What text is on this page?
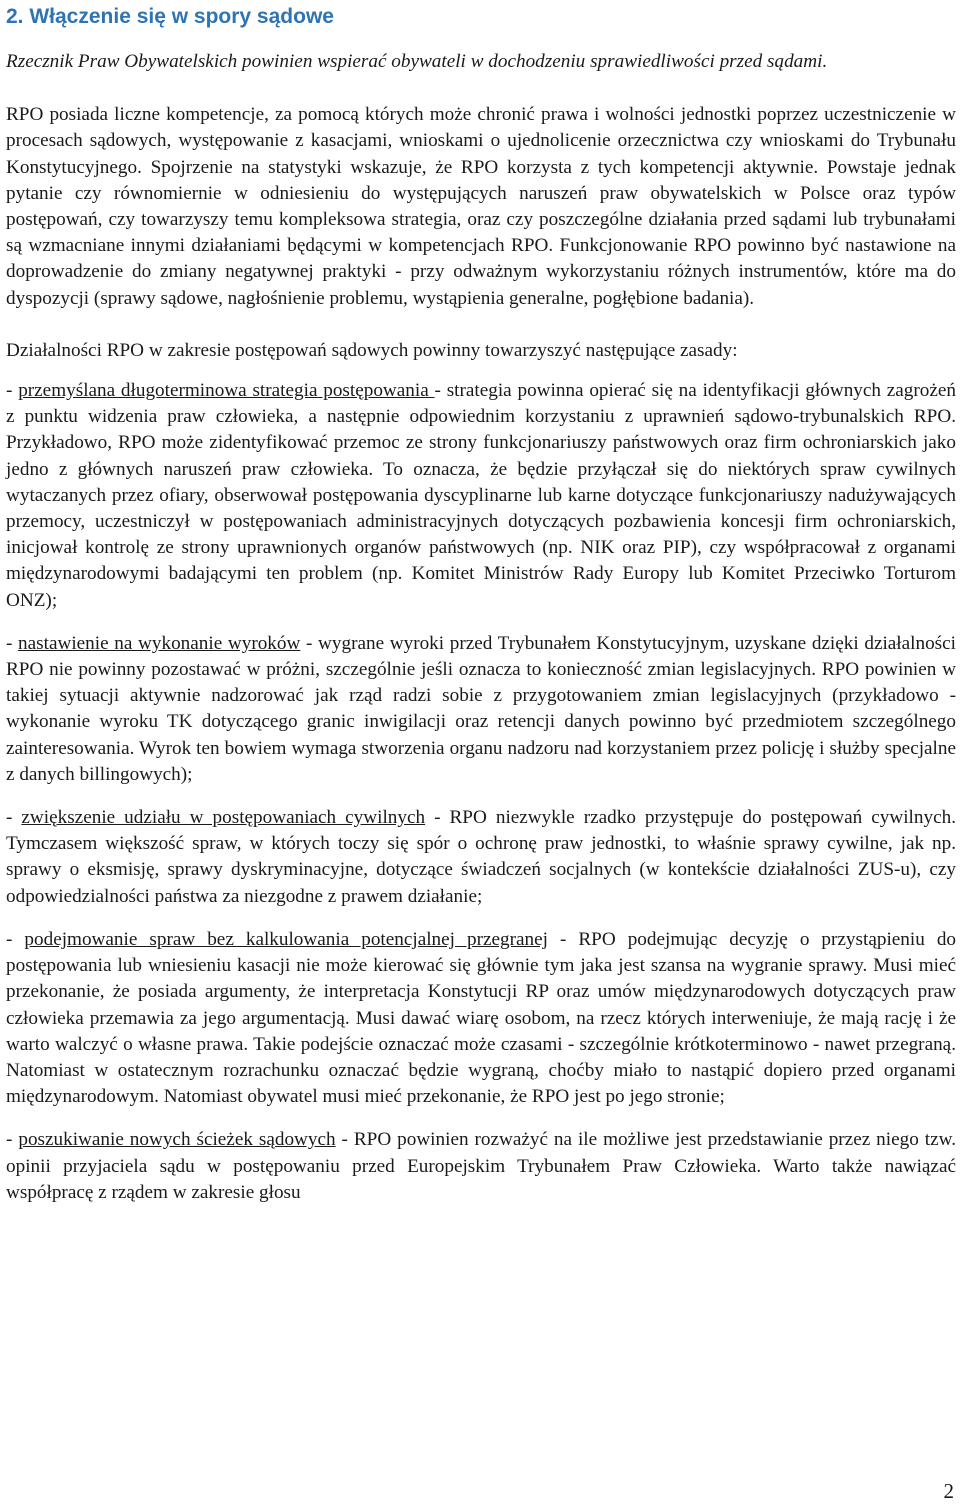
2. Włączenie się w spory sądowe

Rzecznik Praw Obywatelskich powinien wspierać obywateli w dochodzeniu sprawiedliwości przed sądami.

RPO posiada liczne kompetencje, za pomocą których może chronić prawa i wolności jednostki poprzez uczestniczenie w procesach sądowych, występowanie z kasacjami, wnioskami o ujednolicenie orzecznictwa czy wnioskami do Trybunału Konstytucyjnego. Spojrzenie na statystyki wskazuje, że RPO korzysta z tych kompetencji aktywnie. Powstaje jednak pytanie czy równomiernie w odniesieniu do występujących naruszeń praw obywatelskich w Polsce oraz typów postępowań, czy towarzyszy temu kompleksowa strategia, oraz czy poszczególne działania przed sądami lub trybunałami są wzmacniane innymi działaniami będącymi w kompetencjach RPO. Funkcjonowanie RPO powinno być nastawione na doprowadzenie do zmiany negatywnej praktyki - przy odważnym wykorzystaniu różnych instrumentów, które ma do dyspozycji (sprawy sądowe, nagłośnienie problemu, wystąpienia generalne, pogłębione badania).

Działalności RPO w zakresie postępowań sądowych powinny towarzyszyć następujące zasady:

- przemyślana długoterminowa strategia postępowania - strategia powinna opierać się na identyfikacji głównych zagrożeń z punktu widzenia praw człowieka, a następnie odpowiednim korzystaniu z uprawnień sądowo-trybunalskich RPO. Przykładowo, RPO może zidentyfikować przemoc ze strony funkcjonariuszy państwowych oraz firm ochroniarskich jako jedno z głównych naruszeń praw człowieka. To oznacza, że będzie przyłączał się do niektórych spraw cywilnych wytaczanych przez ofiary, obserwował postępowania dyscyplinarne lub karne dotyczące funkcjonariuszy nadużywających przemocy, uczestniczył w postępowaniach administracyjnych dotyczących pozbawienia koncesji firm ochroniarskich, inicjował kontrolę ze strony uprawnionych organów państwowych (np. NIK oraz PIP), czy współpracował z organami międzynarodowymi badającymi ten problem (np. Komitet Ministrów Rady Europy lub Komitet Przeciwko Torturom ONZ);

- nastawienie na wykonanie wyroków - wygrane wyroki przed Trybunałem Konstytucyjnym, uzyskane dzięki działalności RPO nie powinny pozostawać w próżni, szczególnie jeśli oznacza to konieczność zmian legislacyjnych. RPO powinien w takiej sytuacji aktywnie nadzorować jak rząd radzi sobie z przygotowaniem zmian legislacyjnych (przykładowo - wykonanie wyroku TK dotyczącego granic inwigilacji oraz retencji danych powinno być przedmiotem szczególnego zainteresowania. Wyrok ten bowiem wymaga stworzenia organu nadzoru nad korzystaniem przez policję i służby specjalne z danych billingowych);

- zwiększenie udziału w postępowaniach cywilnych - RPO niezwykle rzadko przystępuje do postępowań cywilnych. Tymczasem większość spraw, w których toczy się spór o ochronę praw jednostki, to właśnie sprawy cywilne, jak np. sprawy o eksmisję, sprawy dyskryminacyjne, dotyczące świadczeń socjalnych (w kontekście działalności ZUS-u), czy odpowiedzialności państwa za niezgodne z prawem działanie;

- podejmowanie spraw bez kalkulowania potencjalnej przegranej - RPO podejmując decyzję o przystąpieniu do postępowania lub wniesieniu kasacji nie może kierować się głównie tym jaka jest szansa na wygranie sprawy. Musi mieć przekonanie, że posiada argumenty, że interpretacja Konstytucji RP oraz umów międzynarodowych dotyczących praw człowieka przemawia za jego argumentacją. Musi dawać wiarę osobom, na rzecz których interweniuje, że mają rację i że warto walczyć o własne prawa. Takie podejście oznaczać może czasami - szczególnie krótkoterminowo - nawet przegraną. Natomiast w ostatecznym rozrachunku oznaczać będzie wygraną, choćby miało to nastąpić dopiero przed organami międzynarodowym. Natomiast obywatel musi mieć przekonanie, że RPO jest po jego stronie;

- poszukiwanie nowych ścieżek sądowych - RPO powinien rozważyć na ile możliwe jest przedstawianie przez niego tzw. opinii przyjaciela sądu w postępowaniu przed Europejskim Trybunałem Praw Człowieka. Warto także nawiązać współpracę z rządem w zakresie głosu

2
